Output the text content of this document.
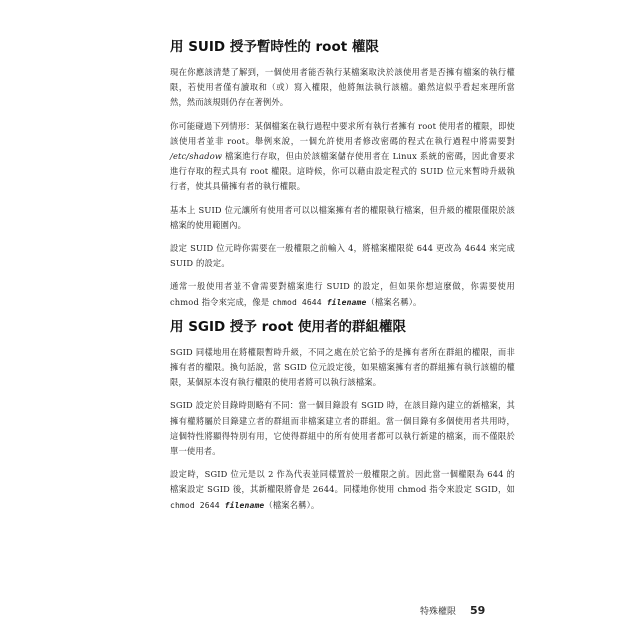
用 SUID 授予暫時性的 root 權限

現在你應該清楚了解到，一個使用者能否執行某檔案取決於該使用者是否擁有檔案的執行權限，若使用者僅有讀取和（或）寫入權限，他將無法執行該檔。雖然這似乎看起來理所當然，然而該規則仍存在著例外。

你可能碰過下列情形：某個檔案在執行過程中要求所有執行者擁有 root 使用者的權限，即使該使用者並非 root。舉例來說，一個允許使用者修改密碼的程式在執行過程中將需要對 /etc/shadow 檔案進行存取，但由於該檔案儲存使用者在 Linux 系統的密碼，因此會要求進行存取的程式具有 root 權限。這時候，你可以藉由設定程式的 SUID 位元來暫時升級執行者，使其具備擁有者的執行權限。

基本上 SUID 位元讓所有使用者可以以檔案擁有者的權限執行檔案，但升級的權限僅限於該檔案的使用範圍內。

設定 SUID 位元時你需要在一般權限之前輸入 4，將檔案權限從 644 更改為 4644 來完成 SUID 的設定。

通常一般使用者並不會需要對檔案進行 SUID 的設定，但如果你想這麼做，你需要使用 chmod 指令來完成，像是 chmod 4644 filename（檔案名稱）。

用 SGID 授予 root 使用者的群組權限

SGID 同樣地用在將權限暫時升級，不同之處在於它給予的是擁有者所在群組的權限，而非擁有者的權限。換句話說，當 SGID 位元設定後，如果檔案擁有者的群組擁有執行該檔的權限，某個原本沒有執行權限的使用者將可以執行該檔案。

SGID 設定於目錄時則略有不同：當一個目錄設有 SGID 時，在該目錄內建立的新檔案，其擁有權將屬於目錄建立者的群組而非檔案建立者的群組。當一個目錄有多個使用者共用時，這個特性將顯得特別有用，它使得群組中的所有使用者都可以執行新建的檔案，而不僅限於單一使用者。

設定時，SGID 位元是以 2 作為代表並同樣置於一般權限之前。因此當一個權限為 644 的檔案設定 SGID 後，其新權限將會是 2644。同樣地你使用 chmod 指令來設定 SGID，如 chmod 2644 filename（檔案名稱）。

特殊權限 59
